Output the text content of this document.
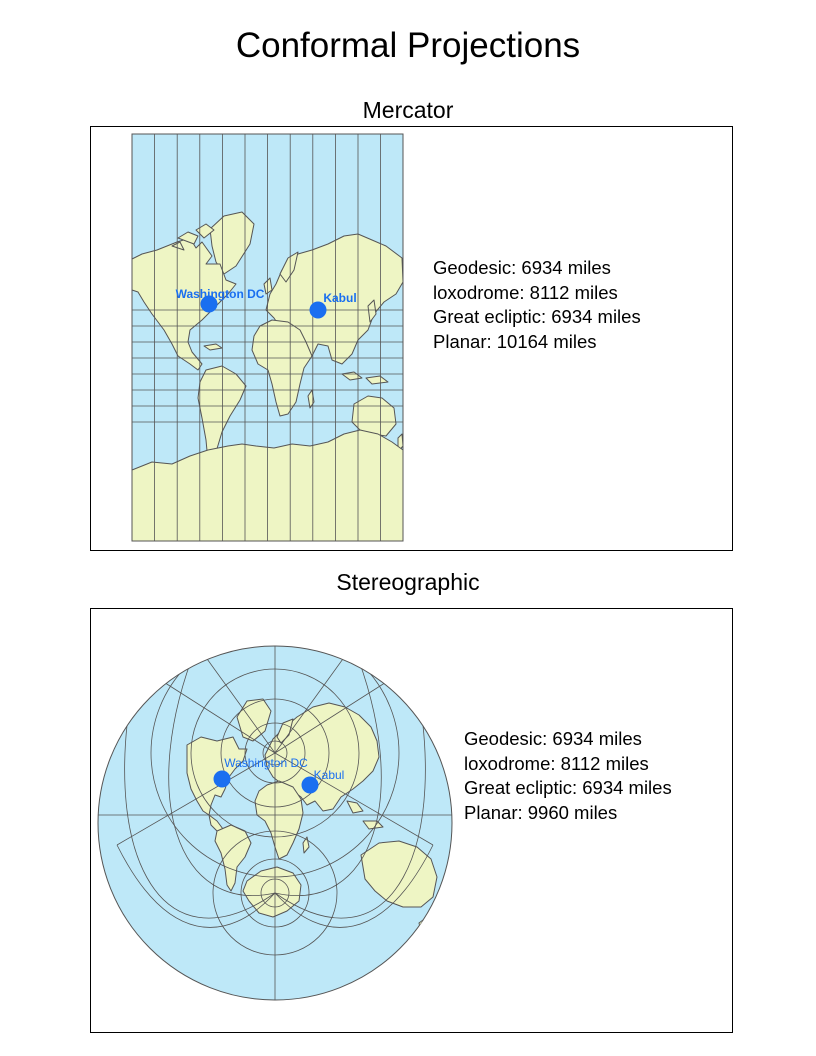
Conformal Projections
Mercator
Washington DC	Kabul
Geodesic: 6934 miles
loxodrome: 8112 miles
Great ecliptic: 6934 miles
Planar: 10164 miles
Stereographic
Washington DC
Kabul
Geodesic: 6934 miles
loxodrome: 8112 miles
Great ecliptic: 6934 miles
Planar: 9960 miles
